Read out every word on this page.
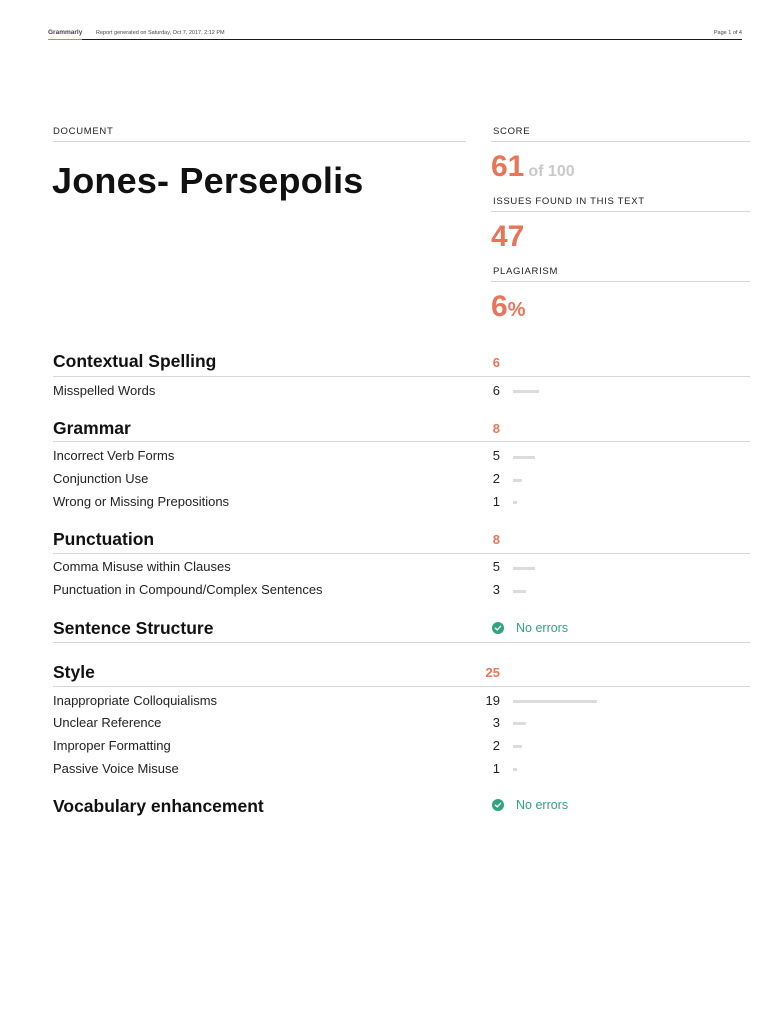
Grammarly Report generated on Saturday, Oct 7, 2017, 2:12 PM	Page 1 of 4
DOCUMENT
Jones- Persepolis
SCORE
61 of 100
ISSUES FOUND IN THIS TEXT
47
PLAGIARISM
6%
Contextual Spelling	6
Misspelled Words	6
Grammar	8
Incorrect Verb Forms	5
Conjunction Use	2
Wrong or Missing Prepositions	1
Punctuation	8
Comma Misuse within Clauses	5
Punctuation in Compound/Complex Sentences	3
Sentence Structure	No errors
Style	25
Inappropriate Colloquialisms	19
Unclear Reference	3
Improper Formatting	2
Passive Voice Misuse	1
Vocabulary enhancement	No errors
